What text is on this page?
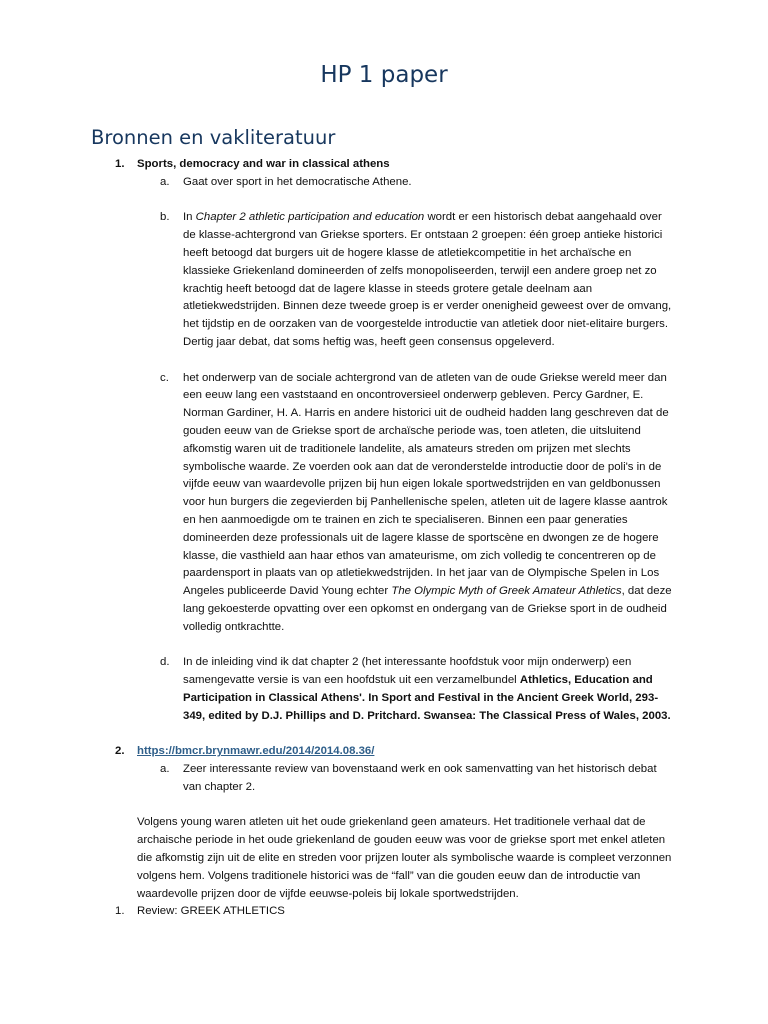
HP 1 paper
Bronnen en vakliteratuur
1.	Sports, democracy and war in classical athens
a. Gaat over sport in het democratische Athene.
b. In Chapter 2 athletic participation and education wordt er een historisch debat aangehaald over de klasse-achtergrond van Griekse sporters. Er ontstaan 2 groepen: één groep antieke historici heeft betoogd dat burgers uit de hogere klasse de atletiekcompetitie in het archaïsche en klassieke Griekenland domineerden of zelfs monopoliseerden, terwijl een andere groep net zo krachtig heeft betoogd dat de lagere klasse in steeds grotere getale deelnam aan atletiekwedstrijden. Binnen deze tweede groep is er verder onenigheid geweest over de omvang, het tijdstip en de oorzaken van de voorgestelde introductie van atletiek door niet-elitaire burgers. Dertig jaar debat, dat soms heftig was, heeft geen consensus opgeleverd.
c. het onderwerp van de sociale achtergrond van de atleten van de oude Griekse wereld meer dan een eeuw lang een vaststaand en oncontroversieel onderwerp gebleven. Percy Gardner, E. Norman Gardiner, H. A. Harris en andere historici uit de oudheid hadden lang geschreven dat de gouden eeuw van de Griekse sport de archaïsche periode was, toen atleten, die uitsluitend afkomstig waren uit de traditionele landelite, als amateurs streden om prijzen met slechts symbolische waarde. Ze voerden ook aan dat de veronderstelde introductie door de poli's in de vijfde eeuw van waardevolle prijzen bij hun eigen lokale sportwedstrijden en van geldbonussen voor hun burgers die zegevierden bij Panhellenische spelen, atleten uit de lagere klasse aantrok en hen aanmoedigde om te trainen en zich te specialiseren. Binnen een paar generaties domineerden deze professionals uit de lagere klasse de sportscène en dwongen ze de hogere klasse, die vasthield aan haar ethos van amateurisme, om zich volledig te concentreren op de paardensport in plaats van op atletiekwedstrijden. In het jaar van de Olympische Spelen in Los Angeles publiceerde David Young echter The Olympic Myth of Greek Amateur Athletics, dat deze lang gekoesterde opvatting over een opkomst en ondergang van de Griekse sport in de oudheid volledig ontkrachtte.
d. In de inleiding vind ik dat chapter 2 (het interessante hoofdstuk voor mijn onderwerp) een samengevatte versie is van een hoofdstuk uit een verzamelbundel Athletics, Education and Participation in Classical Athens'. In Sport and Festival in the Ancient Greek World, 293-349, edited by D.J. Phillips and D. Pritchard. Swansea: The Classical Press of Wales, 2003.
2.	https://bmcr.brynmawr.edu/2014/2014.08.36/
a. Zeer interessante review van bovenstaand werk en ook samenvatting van het historisch debat van chapter 2.
Volgens young waren atleten uit het oude griekenland geen amateurs. Het traditionele verhaal dat de archaische periode in het oude griekenland de gouden eeuw was voor de griekse sport met enkel atleten die afkomstig zijn uit de elite en streden voor prijzen louter als symbolische waarde is compleet verzonnen volgens hem. Volgens traditionele historici was de “fall” van die gouden eeuw dan de introductie van waardevolle prijzen door de vijfde eeuwse-poleis bij lokale sportwedstrijden.
1.	Review: GREEK ATHLETICS
